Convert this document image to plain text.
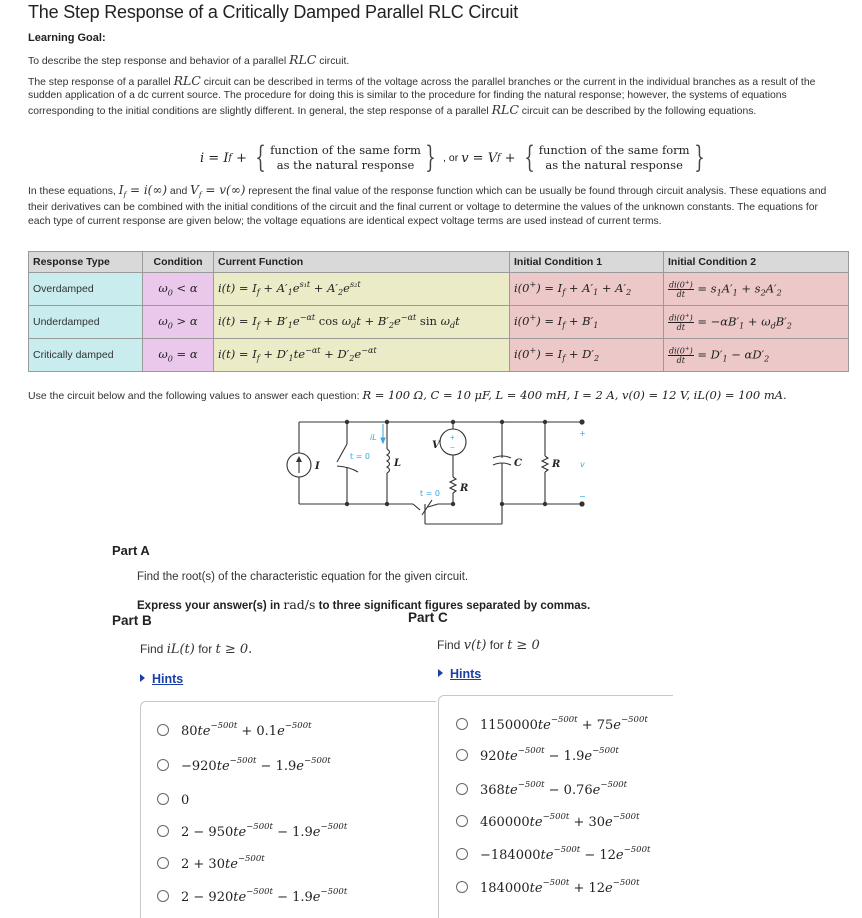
The Step Response of a Critically Damped Parallel RLC Circuit
Learning Goal:
To describe the step response and behavior of a parallel RLC circuit.
The step response of a parallel RLC circuit can be described in terms of the voltage across the parallel branches or the current in the individual branches as a result of the sudden application of a dc current source. The procedure for doing this is similar to the procedure for finding the natural response; however, the systems of equations corresponding to the initial conditions are slightly different. In general, the step response of a parallel RLC circuit can be described by the following equations.
i = I f + { function of the same form
as the natural response } , or v = V f + { function of the same form
as the natural response }
In these equations, $I_f = i(\infty)$ and $V_f = v(\infty)$ represent the final value of the response function which can be usually be found through circuit analysis. These equations and their derivatives can be combined with the initial conditions of the circuit and the final current or voltage to determine the values of the unknown constants. The equations for each type of current response are given below; the voltage equations are identical expect voltage terms are used instead of current terms.
Response Type	Condition	Current Function	Initial Condition 1	Initial Condition 2
Overdamped	$\omega_0 < \alpha$	$i(t) = I_f + A'_1e^{s_1t} + A'_2e^{s_2t}$	$i(0^+) = I_f + A'_1 + A'_2$	$\frac{di(0^+)}{dt} = s_1A'_1 + s_2A'_2$
Underdamped	$\omega_0 > \alpha$	$i(t) = I_f + B'_1e^{-\alpha t}$ $\cos \omega_dt + B'_2e^{-\alpha t}$ $\sin \omega_dt$	$i(0^+) = I_f + B'_1$	$\frac{di(0^+)}{dt} = -\alpha B'_1 + \omega_dB'_2$
Critically damped	$\omega_0 = \alpha$	$i(t) = I_f + D'_1te^{-\alpha t} + D'_2e^{-\alpha t}$	$i(0^+) = I_f + D'_2$	$\frac{di(0^+)}{dt} = D'_1 - \alpha D'_2$
Use the circuit below and the following values to answer each question: R = 100 Ω, C = 10 μF, L = 400 mH, I = 2 A, v(0) = 12 V, iL(0) = 100 mA.
I	L
V
R
C	R
t = 0
t = 0
iL	+
v
−
+
−
Part A
Find the root(s) of the characteristic equation for the given circuit.
Express your answer(s) in rad/s to three significant figures separated by commas.
Part B	Part C
Find iL(t) for t ≥ 0.	Find v(t) for t ≥ 0
Hints	Hints
$80te^{-500t} + 0.1e^{-500t}$
$-920te^{-500t} - 1.9e^{-500t}$
0
$2 - 950te^{-500t} - 1.9e^{-500t}$
$2 + 30te^{-500t}$
$2 - 920te^{-500t} - 1.9e^{-500t}$
$1150000te^{-500t} + 75e^{-500t}$
$920te^{-500t} - 1.9e^{-500t}$
$368te^{-500t} - 0.76e^{-500t}$
$460000te^{-500t} + 30e^{-500t}$
$-184000te^{-500t} - 12e^{-500t}$
$184000te^{-500t} + 12e^{-500t}$
